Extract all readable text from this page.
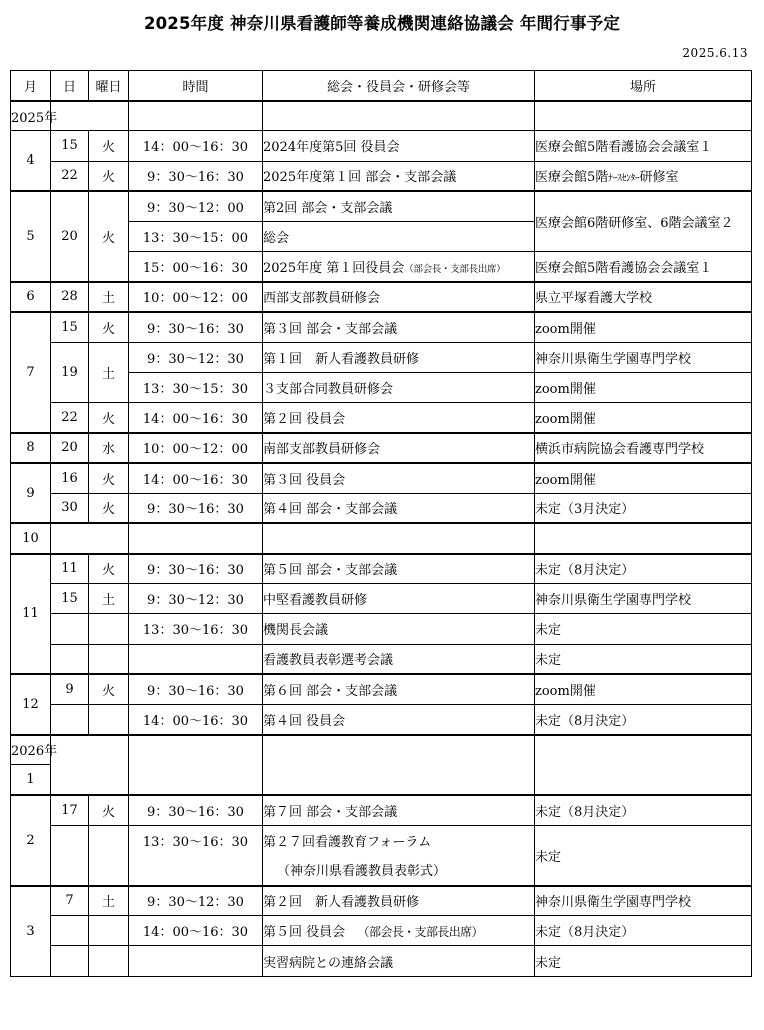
2025年度 神奈川県看護師等養成機関連絡協議会 年間行事予定
2025.6.13
月	日	曜日	時間	総会・役員会・研修会等	場所
2025年					
4	15	火	14：00～16：30	2024年度第5回 役員会	医療会館5階看護協会会議室１
	22	火	9：30～16：30	2025年度第１回 部会・支部会議	医療会館5階ﾅｰｽｾﾝﾀｰ研修室
5	20	火	9：30～12：00	第2回 部会・支部会議	医療会館6階研修室、6階会議室２
			13：30～15：00	総会	
			15：00～16：30	2025年度 第１回役員会（部会長・支部長出席）	医療会館5階看護協会会議室１
6	28	土	10：00～12：00	西部支部教員研修会	県立平塚看護大学校
7	15	火	9：30～16：30	第３回 部会・支部会議	zoom開催
	19	土	9：30～12：30	第１回　新人看護教員研修	神奈川県衛生学園専門学校
			13：30～15：30	３支部合同教員研修会	zoom開催
	22	火	14：00～16：30	第２回 役員会	zoom開催
8	20	水	10：00～12：00	南部支部教員研修会	横浜市病院協会看護専門学校
9	16	火	14：00～16：30	第３回 役員会	zoom開催
	30	火	9：30～16：30	第４回 部会・支部会議	未定（3月決定）
10					
11	11	火	9：30～16：30	第５回 部会・支部会議	未定（8月決定）
	15	土	9：30～12：30	中堅看護教員研修	神奈川県衛生学園専門学校
			13：30～16：30	機関長会議	未定
				看護教員表彰選考会議	未定
12	9	火	9：30～16：30	第６回 部会・支部会議	zoom開催
			14：00～16：30	第４回 役員会	未定（8月決定）
2026年					
1					
2	17	火	9：30～16：30	第７回 部会・支部会議	未定（8月決定）
			13：30～16：30	第２７回看護教育フォーラム	未定
				（神奈川県看護教員表彰式）	
3	7	土	9：30～12：30	第２回　新人看護教員研修	神奈川県衛生学園専門学校
			14：00～16：30	第５回 役員会 （部会長・支部長出席）	未定（8月決定）
				実習病院との連絡会議	未定
